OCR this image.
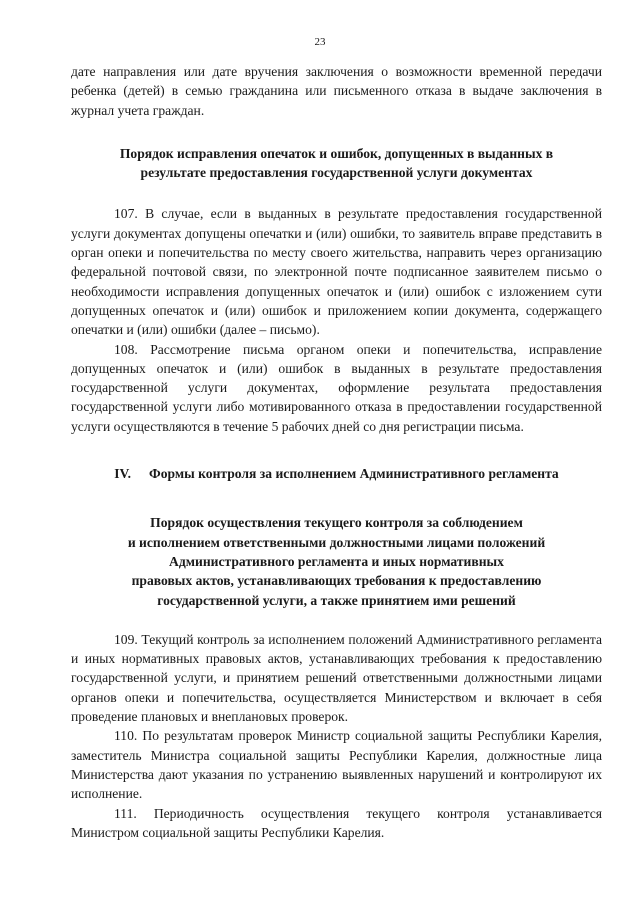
23

дате направления или дате вручения заключения о возможности временной передачи ребенка (детей) в семью гражданина или письменного отказа в выдаче заключения в журнал учета граждан.

Порядок исправления опечаток и ошибок, допущенных в выданных в
результате предоставления государственной услуги документах

107. В случае, если в выданных в результате предоставления государственной услуги документах допущены опечатки и (или) ошибки, то заявитель вправе представить в орган опеки и попечительства по месту своего жительства, направить через организацию федеральной почтовой связи, по электронной почте подписанное заявителем письмо о необходимости исправления допущенных опечаток и (или) ошибок с изложением сути допущенных опечаток и (или) ошибок и приложением копии документа, содержащего опечатки и (или) ошибки (далее – письмо).

108. Рассмотрение письма органом опеки и попечительства, исправление допущенных опечаток и (или) ошибок в выданных в результате предоставления государственной услуги документах, оформление результата предоставления государственной услуги либо мотивированного отказа в предоставлении государственной услуги осуществляются в течение 5 рабочих дней со дня регистрации письма.

IV. Формы контроля за исполнением Административного регламента
Порядок осуществления текущего контроля за соблюдением
и исполнением ответственными должностными лицами положений
Административного регламента и иных нормативных
правовых актов, устанавливающих требования к предоставлению
государственной услуги, а также принятием ими решений

109. Текущий контроль за исполнением положений Административного регламента и иных нормативных правовых актов, устанавливающих требования к предоставлению государственной услуги, и принятием решений ответственными должностными лицами органов опеки и попечительства, осуществляется Министерством и включает в себя проведение плановых и внеплановых проверок.

110. По результатам проверок Министр социальной защиты Республики Карелия, заместитель Министра социальной защиты Республики Карелия, должностные лица Министерства дают указания по устранению выявленных нарушений и контролируют их исполнение.

111. Периодичность осуществления текущего контроля устанавливается Министром социальной защиты Республики Карелия.
